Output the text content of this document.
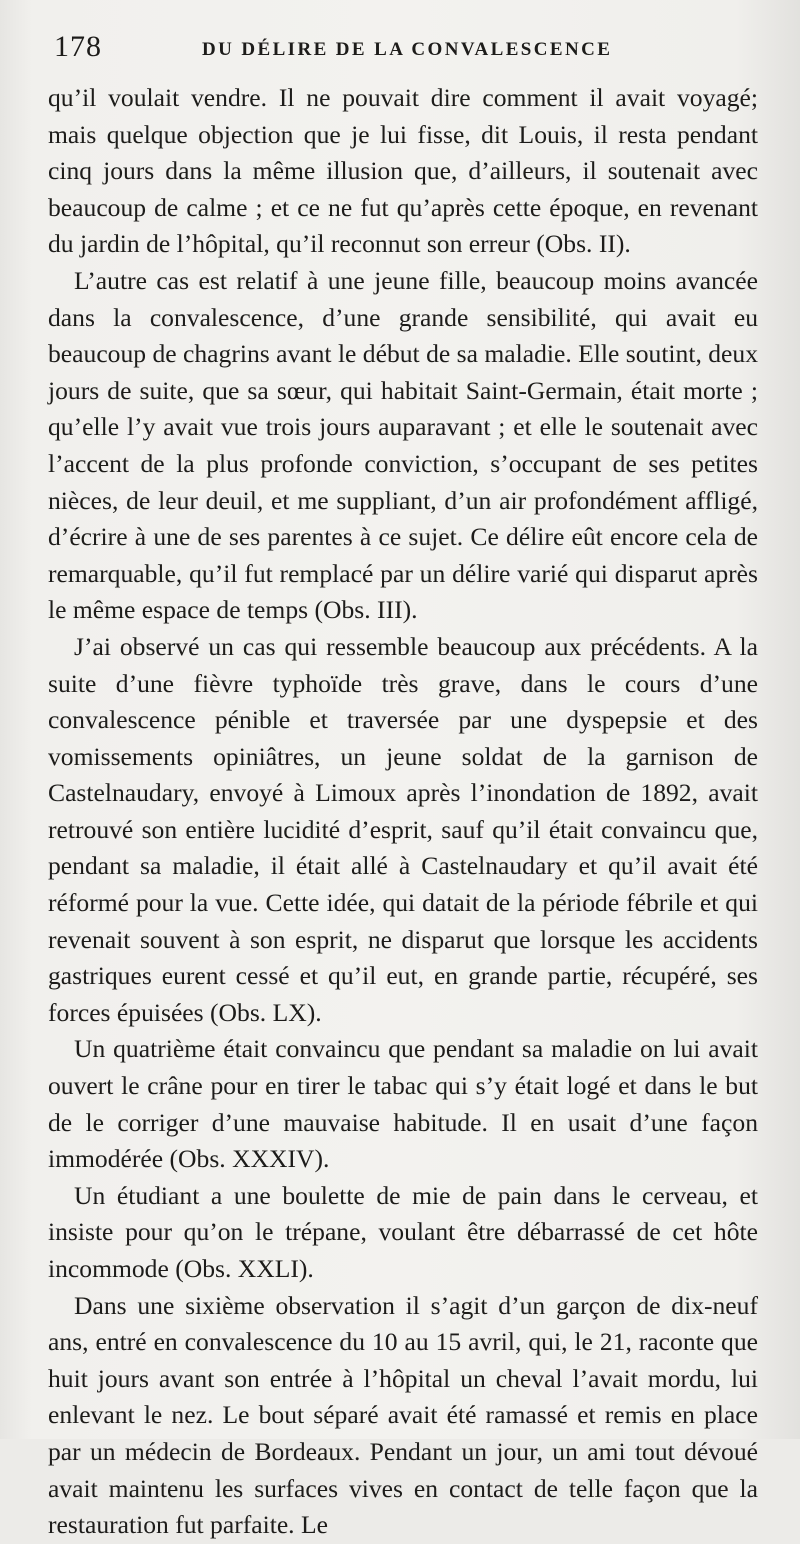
178	DU DÉLIRE DE LA CONVALESCENCE

qu’il voulait vendre. Il ne pouvait dire comment il avait voyagé; mais quelque objection que je lui fisse, dit Louis, il resta pendant cinq jours dans la même illusion que, d’ailleurs, il soutenait avec beaucoup de calme ; et ce ne fut qu’après cette époque, en revenant du jardin de l’hôpital, qu’il reconnut son erreur (Obs. II).

L’autre cas est relatif à une jeune fille, beaucoup moins avancée dans la convalescence, d’une grande sensibilité, qui avait eu beaucoup de chagrins avant le début de sa maladie. Elle soutint, deux jours de suite, que sa sœur, qui habitait Saint-Germain, était morte ; qu’elle l’y avait vue trois jours auparavant ; et elle le soutenait avec l’accent de la plus profonde conviction, s’occupant de ses petites nièces, de leur deuil, et me suppliant, d’un air profondément affligé, d’écrire à une de ses parentes à ce sujet. Ce délire eût encore cela de remarquable, qu’il fut remplacé par un délire varié qui disparut après le même espace de temps (Obs. III).

J’ai observé un cas qui ressemble beaucoup aux précédents. A la suite d’une fièvre typhoïde très grave, dans le cours d’une convalescence pénible et traversée par une dyspepsie et des vomissements opiniâtres, un jeune soldat de la garnison de Castelnaudary, envoyé à Limoux après l’inondation de 1892, avait retrouvé son entière lucidité d’esprit, sauf qu’il était convaincu que, pendant sa maladie, il était allé à Castelnaudary et qu’il avait été réformé pour la vue. Cette idée, qui datait de la période fébrile et qui revenait souvent à son esprit, ne disparut que lorsque les accidents gastriques eurent cessé et qu’il eut, en grande partie, récupéré, ses forces épuisées (Obs. LX).

Un quatrième était convaincu que pendant sa maladie on lui avait ouvert le crâne pour en tirer le tabac qui s’y était logé et dans le but de le corriger d’une mauvaise habitude. Il en usait d’une façon immodérée (Obs. XXXIV).

Un étudiant a une boulette de mie de pain dans le cerveau, et insiste pour qu’on le trépane, voulant être débarrassé de cet hôte incommode (Obs. XXLI).

Dans une sixième observation il s’agit d’un garçon de dix-neuf ans, entré en convalescence du 10 au 15 avril, qui, le 21, raconte que huit jours avant son entrée à l’hôpital un cheval l’avait mordu, lui enlevant le nez. Le bout séparé avait été ramassé et remis en place par un médecin de Bordeaux. Pendant un jour, un ami tout dévoué avait maintenu les surfaces vives en contact de telle façon que la restauration fut parfaite. Le
